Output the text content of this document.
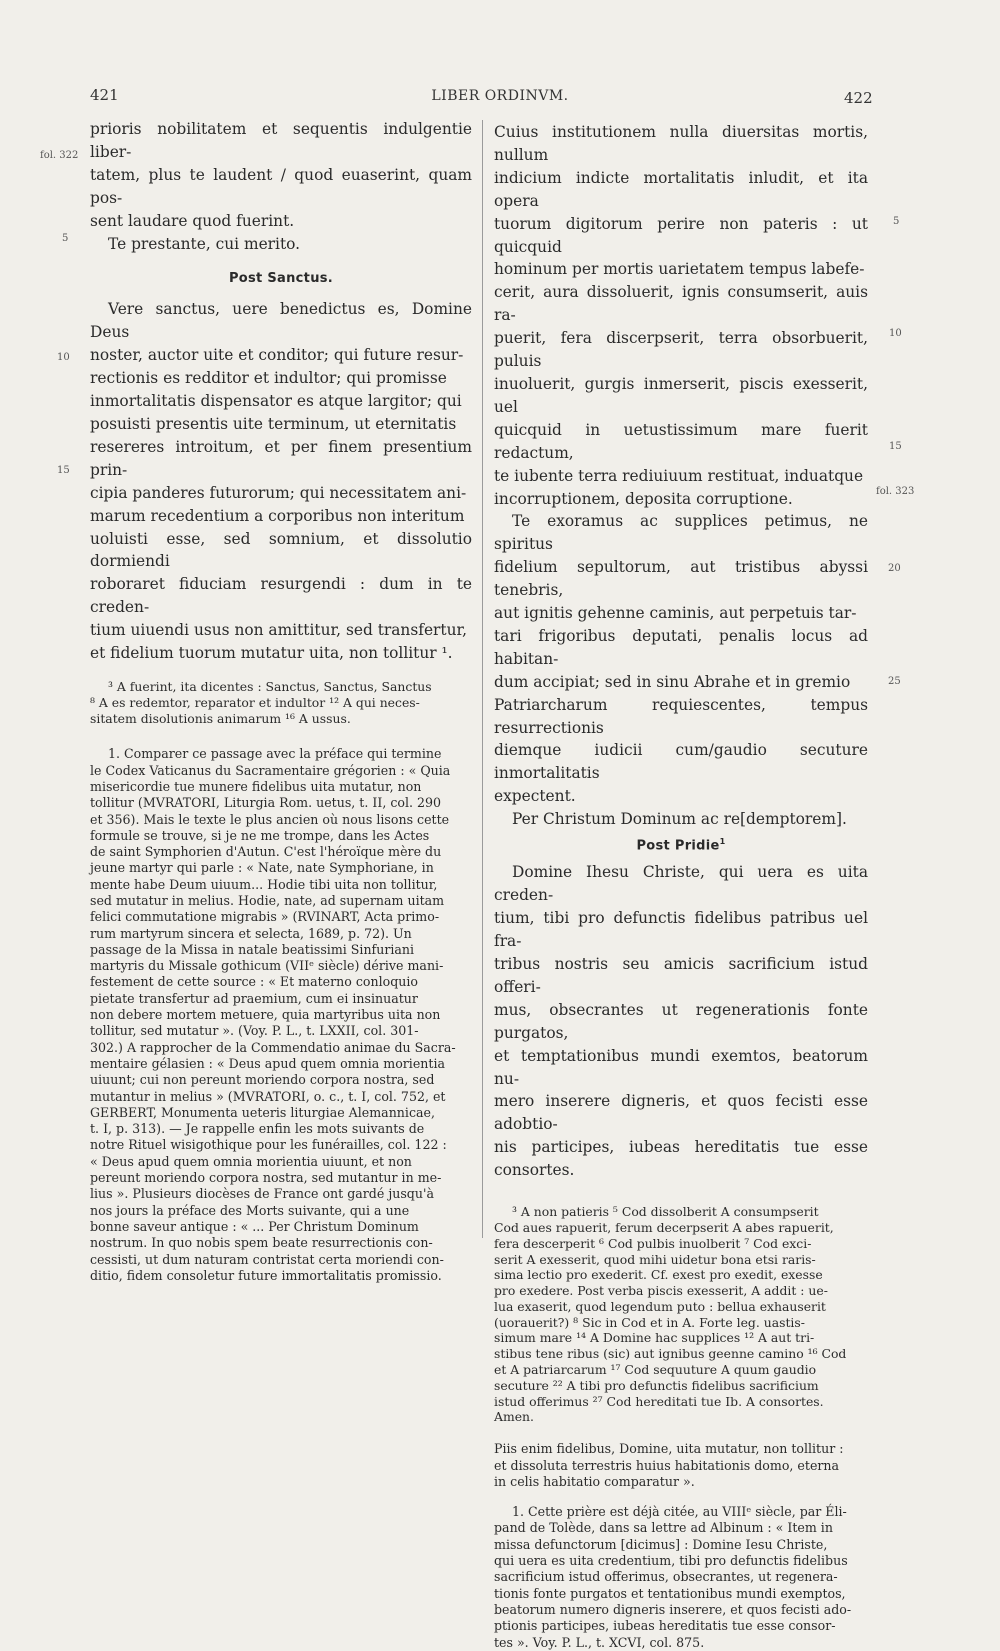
421	LIBER ORDINVM.	422
fol. 322
fol. 323
5
10
15
5
10
15
20
25

prioris nobilitatem et sequentis indulgentie liber-

tatem, plus te laudent / quod euaserint, quam pos-

sent laudare quod fuerint.

Te prestante, cui merito.

Post Sanctus.

Vere sanctus, uere benedictus es, Domine Deus

noster, auctor uite et conditor; qui future resur-

rectionis es redditor et indultor; qui promisse

inmortalitatis dispensator es atque largitor; qui

posuisti presentis uite terminum, ut eternitatis

resereres introitum, et per finem presentium prin-

cipia panderes futurorum; qui necessitatem ani-

marum recedentium a corporibus non interitum

uoluisti esse, sed somnium, et dissolutio dormiendi

roboraret fiduciam resurgendi : dum in te creden-

tium uiuendi usus non amittitur, sed transfertur,

et fidelium tuorum mutatur uita, non tollitur ¹.

³ A fuerint, ita dicentes : Sanctus, Sanctus, Sanctus

⁸ A es redemtor, reparator et indultor ¹² A qui neces-

sitatem disolutionis animarum ¹⁶ A ussus.

1. Comparer ce passage avec la préface qui termine

le Codex Vaticanus du Sacramentaire grégorien : « Quia

misericordie tue munere fidelibus uita mutatur, non

tollitur (MVRATORI, Liturgia Rom. uetus, t. II, col. 290

et 356). Mais le texte le plus ancien où nous lisons cette

formule se trouve, si je ne me trompe, dans les Actes

de saint Symphorien d'Autun. C'est l'héroïque mère du

jeune martyr qui parle : « Nate, nate Symphoriane, in

mente habe Deum uiuum... Hodie tibi uita non tollitur,

sed mutatur in melius. Hodie, nate, ad supernam uitam

felici commutatione migrabis » (RVINART, Acta primo-

rum martyrum sincera et selecta, 1689, p. 72). Un

passage de la Missa in natale beatissimi Sinfuriani

martyris du Missale gothicum (VIIᵉ siècle) dérive mani-

festement de cette source : « Et materno conloquio

pietate transfertur ad praemium, cum ei insinuatur

non debere mortem metuere, quia martyribus uita non

tollitur, sed mutatur ». (Voy. P. L., t. LXXII, col. 301-

302.) A rapprocher de la Commendatio animae du Sacra-

mentaire gélasien : « Deus apud quem omnia morientia

uiuunt; cui non pereunt moriendo corpora nostra, sed

mutantur in melius » (MVRATORI, o. c., t. I, col. 752, et

GERBERT, Monumenta ueteris liturgiae Alemannicae,

t. I, p. 313). — Je rappelle enfin les mots suivants de

notre Rituel wisigothique pour les funérailles, col. 122 :

« Deus apud quem omnia morientia uiuunt, et non

pereunt moriendo corpora nostra, sed mutantur in me-

lius ». Plusieurs diocèses de France ont gardé jusqu'à

nos jours la préface des Morts suivante, qui a une

bonne saveur antique : « ... Per Christum Dominum

nostrum. In quo nobis spem beate resurrectionis con-

cessisti, ut dum naturam contristat certa moriendi con-

ditio, fidem consoletur future immortalitatis promissio.

Cuius institutionem nulla diuersitas mortis, nullum

indicium indicte mortalitatis inludit, et ita opera

tuorum digitorum perire non pateris : ut quicquid

hominum per mortis uarietatem tempus labefe-

cerit, aura dissoluerit, ignis consumserit, auis ra-

puerit, fera discerpserit, terra obsorbuerit, puluis

inuoluerit, gurgis inmerserit, piscis exesserit, uel

quicquid in uetustissimum mare fuerit redactum,

te iubente terra rediuiuum restituat, induatque

incorruptionem, deposita corruptione.

Te exoramus ac supplices petimus, ne spiritus

fidelium sepultorum, aut tristibus abyssi tenebris,

aut ignitis gehenne caminis, aut perpetuis tar-

tari frigoribus deputati, penalis locus ad habitan-

dum accipiat; sed in sinu Abrahe et in gremio

Patriarcharum requiescentes, tempus resurrectionis

diemque iudicii cum/gaudio secuture inmortalitatis

expectent.

Per Christum Dominum ac re[demptorem].

Post Pridie$^1$

Domine Ihesu Christe, qui uera es uita creden-

tium, tibi pro defunctis fidelibus patribus uel fra-

tribus nostris seu amicis sacrificium istud offeri-

mus, obsecrantes ut regenerationis fonte purgatos,

et temptationibus mundi exemtos, beatorum nu-

mero inserere digneris, et quos fecisti esse adobtio-

nis participes, iubeas hereditatis tue esse consortes.

³ A non patieris ⁵ Cod dissolberit A consumpserit

Cod aues rapuerit, ferum decerpserit A abes rapuerit,

fera descerperit ⁶ Cod pulbis inuolberit ⁷ Cod exci-

serit A exesserit, quod mihi uidetur bona etsi raris-

sima lectio pro exederit. Cf. exest pro exedit, exesse

pro exedere. Post verba piscis exesserit, A addit : ue-

lua exaserit, quod legendum puto : bellua exhauserit

(uorauerit?) ⁸ Sic in Cod et in A. Forte leg. uastis-

simum mare ¹⁴ A Domine hac supplices ¹² A aut tri-

stibus tene ribus (sic) aut ignibus geenne camino ¹⁶ Cod

et A patriarcarum ¹⁷ Cod sequuture A quum gaudio

secuture ²² A tibi pro defunctis fidelibus sacrificium

istud offerimus ²⁷ Cod hereditati tue Ib. A consortes.

Amen.

Piis enim fidelibus, Domine, uita mutatur, non tollitur :

et dissoluta terrestris huius habitationis domo, eterna

in celis habitatio comparatur ».

1. Cette prière est déjà citée, au VIIIᵉ siècle, par Éli-

pand de Tolède, dans sa lettre ad Albinum : « Item in

missa defunctorum [dicimus] : Domine Iesu Christe,

qui uera es uita credentium, tibi pro defunctis fidelibus

sacrificium istud offerimus, obsecrantes, ut regenera-

tionis fonte purgatos et tentationibus mundi exemptos,

beatorum numero digneris inserere, et quos fecisti ado-

ptionis participes, iubeas hereditatis tue esse consor-

tes ». Voy. P. L., t. XCVI, col. 875.
